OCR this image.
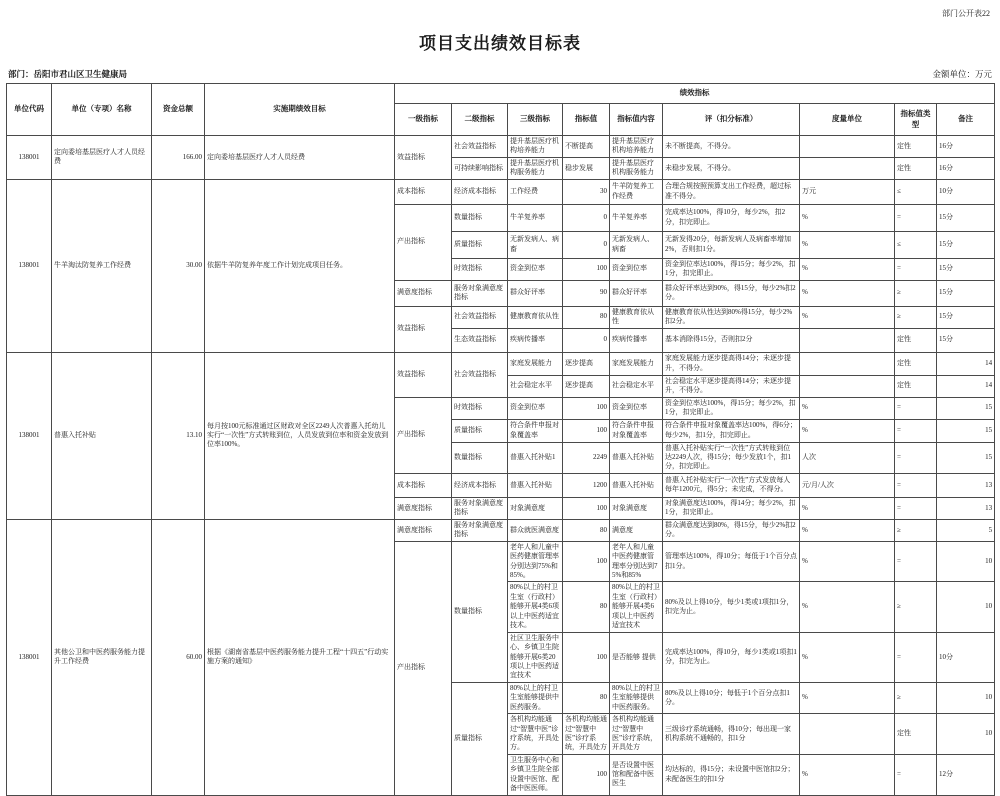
部门公开表22
项目支出绩效目标表
部门：岳阳市君山区卫生健康局	金额单位：万元
单位代码	单位（专项）名称	资金总额	实施期绩效目标	绩效指标								
				一级指标	二级指标	三级指标	指标值	指标值内容	评（扣分标准）	度量单位	指标值类型	备注
138001	定向委培基层医疗人才人员经费	166.00	定向委培基层医疗人才人员经费	效益指标	社会效益指标	提升基层医疗机构培养能力	不断提高	提升基层医疗机构培养能力	未不断提高，不得分。		定性	16分
					可持续影响指标	提升基层医疗机构服务能力	稳步发展	提升基层医疗机构服务能力	未稳步发展，不得分。		定性	16分
138001	牛羊淘汰防复养工作经费	30.00	依据牛羊防复养年度工作计划完成项目任务。	成本指标	经济成本指标	工作经费	30	牛羊防复养工作经费	合理合规按照预算支出工作经费，超过标准不得分。	万元	≤	10分
				产出指标	数量指标	牛羊复养率	0	牛羊复养率	完成率达100%，得10分，每少2%，扣2分，扣完即止。	%	=	15分
					质量指标	无新发病人、病畜	0	无新发病人、病畜	无新发得20分，每新发病人及病畜率增加2%，否则扣1分。	%	≤	15分
					时效指标	资金到位率	100	资金到位率	资金到位率达100%，得15分；每少2%，扣1分，扣完即止。	%	=	15分
				满意度指标	服务对象满意度指标	群众好评率	90	群众好评率	群众好评率达到90%，得15分，每少2%扣2分。	%	≥	15分
				效益指标	社会效益指标	健康教育依从性	80	健康教育依从性	健康教育依从性达到80%得15分，每少2%扣2分。	%	≥	15分
					生态效益指标	疾病传播率	0	疾病传播率	基本消除得15分，否则扣2分		定性	15分
138001	普惠入托补贴	13.10	每月按100元标准通过区财政对全区2249人次普惠入托幼儿实行“一次性”方式转账到位，人员发放到位率和资金发放到位率100%。	效益指标	社会效益指标	家庭发展能力	逐步提高	家庭发展能力	家庭发展能力逐步提高得14分；未逐步提升，不得分。		定性	14
						社会稳定水平	逐步提高	社会稳定水平	社会稳定水平逐步提高得14分；未逐步提升，不得分。		定性	14
				产出指标	时效指标	资金到位率	100	资金到位率	资金到位率达100%，得15分；每少2%，扣1分，扣完即止。	%	=	15
					质量指标	符合条件申报对象覆盖率	100	符合条件申报对象覆盖率	符合条件申报对象覆盖率达100%，得6分；每少2%，扣1分，扣完即止。	%	=	15
					数量指标	普惠入托补贴1	2249	普惠入托补贴	普惠入托补贴实行“一次性”方式转账到位达2249人次，得15分；每少发放1个，扣1分，扣完即止。	人次	=	15
				成本指标	经济成本指标	普惠入托补贴	1200	普惠入托补贴	普惠入托补贴实行“一次性”方式发放每人每年1200元，得5分；未完成，不得分。	元/月/人次	=	13
				满意度指标	服务对象满意度指标	对象满意度	100	对象满意度	对象满意度达100%，得14分；每少2%，扣1分，扣完即止。	%	=	13
138001	其他公卫和中医药服务能力提升工作经费	60.00	根据《湖南省基层中医药服务能力提升工程“十四五”行动实施方案的通知》	满意度指标	服务对象满意度指标	群众就医满意度	80	满意度	群众满意度达到80%，得15分，每少2%扣2分。	%	≥	5
				产出指标	数量指标	老年人和儿童中医药健康管理率分别达到75%和85%。	100	老年人和儿童中医药健康管理率分别达到75%和85%	管理率达100%，得10分；每低于1个百分点扣1分。	%	=	10
						80%以上的村卫生室（行政村）能够开展4类6项以上中医药适宜技术。	80	80%以上的村卫生室（行政村）能够开展4类6项以上中医药适宜技术	80%及以上得10分，每少1类或1项扣1分，扣完为止。	%	≥	10
						社区卫生服务中心、乡镇卫生院能够开展6类20项以上中医药适宜技术	100	是否能够 提供	完成率达100%，得10分，每少1类或1项扣1分，扣完为止。	%	=	10分
					质量指标	80%以上的村卫生室能够提供中医药服务。	80	80%以上的村卫生室能够提供中医药服务。	80%及以上得10分；每低于1个百分点扣1分。	%	≥	10
						各机构均能通过“智慧中医”诊疗系统，开具处方。	各机构均能通过“智慧中医”诊疗系统，开具处方	各机构均能通过“智慧中医”诊疗系统，开具处方	三级诊疗系统通畅，得10分；每出现一家机构系统不通畅的，扣1分		定性	10
						卫生服务中心和乡镇卫生院全部设置中医馆、配备中医医师。	100	是否设置中医馆和配备中医医生	均达标的，得15分；未设置中医馆扣2分；未配备医生的扣1分	%	=	12分
